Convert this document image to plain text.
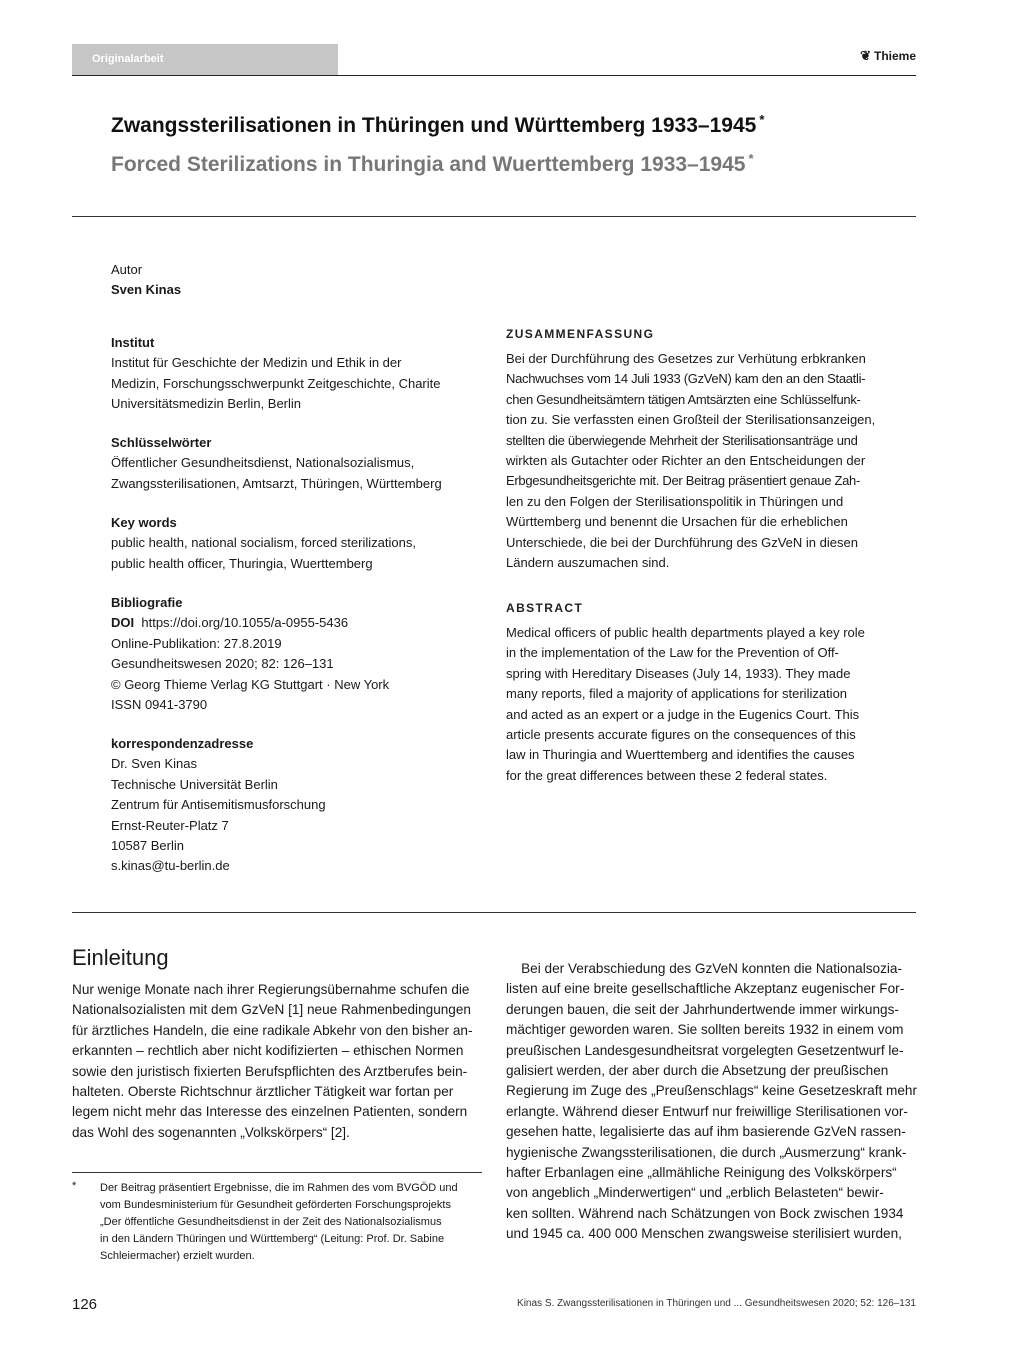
Originalarbeit	❦ Thieme
Zwangssterilisationen in Thüringen und Württemberg 1933–1945 *
Forced Sterilizations in Thuringia and Wuerttemberg 1933–1945 *
Autor
Sven Kinas
Institut
Institut für Geschichte der Medizin und Ethik in der
Medizin, Forschungsschwerpunkt Zeitgeschichte, Charite
Universitätsmedizin Berlin, Berlin
Schlüsselwörter
Öffentlicher Gesundheitsdienst, Nationalsozialismus,
Zwangssterilisationen, Amtsarzt, Thüringen, Württemberg
Key words
public health, national socialism, forced sterilizations,
public health officer, Thuringia, Wuerttemberg
Bibliografie
DOI https://doi.org/10.1055/a-0955-5436
Online-Publikation: 27.8.2019
Gesundheitswesen 2020; 82: 126–131
© Georg Thieme Verlag KG Stuttgart · New York
ISSN 0941-3790
korrespondenzadresse
Dr. Sven Kinas
Technische Universität Berlin
Zentrum für Antisemitismusforschung
Ernst-Reuter-Platz 7
10587 Berlin
s.kinas@tu-berlin.de
ZUSAMMENFASSUNG
Bei der Durchführung des Gesetzes zur Verhütung erbkranken
Nachwuchses vom 14 Juli 1933 (GzVeN) kam den an den Staatli-
chen Gesundheitsämtern tätigen Amtsärzten eine Schlüsselfunk-
tion zu. Sie verfassten einen Großteil der Sterilisationsanzeigen,
stellten die überwiegende Mehrheit der Sterilisationsanträge und
wirkten als Gutachter oder Richter an den Entscheidungen der
Erbgesundheitsgerichte mit. Der Beitrag präsentiert genaue Zah-
len zu den Folgen der Sterilisationspolitik in Thüringen und
Württemberg und benennt die Ursachen für die erheblichen
Unterschiede, die bei der Durchführung des GzVeN in diesen
Ländern auszumachen sind.
ABSTRACT
Medical officers of public health departments played a key role
in the implementation of the Law for the Prevention of Off-
spring with Hereditary Diseases (July 14, 1933). They made
many reports, filed a majority of applications for sterilization
and acted as an expert or a judge in the Eugenics Court. This
article presents accurate figures on the consequences of this
law in Thuringia and Wuerttemberg and identifies the causes
for the great differences between these 2 federal states.
Einleitung
Nur wenige Monate nach ihrer Regierungsübernahme schufen die
Nationalsozialisten mit dem GzVeN [1] neue Rahmenbedingungen
für ärztliches Handeln, die eine radikale Abkehr von den bisher an-
erkannten – rechtlich aber nicht kodifizierten – ethischen Normen
sowie den juristisch fixierten Berufspflichten des Arztberufes bein-
halteten. Oberste Richtschnur ärztlicher Tätigkeit war fortan per
legem nicht mehr das Interesse des einzelnen Patienten, sondern
das Wohl des sogenannten „Volkskörpers“ [2].
Bei der Verabschiedung des GzVeN konnten die Nationalsozia-
listen auf eine breite gesellschaftliche Akzeptanz eugenischer For-
derungen bauen, die seit der Jahrhundertwende immer wirkungs-
mächtiger geworden waren. Sie sollten bereits 1932 in einem vom
preußischen Landesgesundheitsrat vorgelegten Gesetzentwurf le-
galisiert werden, der aber durch die Absetzung der preußischen
Regierung im Zuge des „Preußenschlags“ keine Gesetzeskraft mehr
erlangte. Während dieser Entwurf nur freiwillige Sterilisationen vor-
gesehen hatte, legalisierte das auf ihm basierende GzVeN rassen-
hygienische Zwangssterilisationen, die durch „Ausmerzung“ krank-
hafter Erbanlagen eine „allmähliche Reinigung des Volkskörpers“
von angeblich „Minderwertigen“ und „erblich Belasteten“ bewir-
ken sollten. Während nach Schätzungen von Bock zwischen 1934
und 1945 ca. 400 000 Menschen zwangsweise sterilisiert wurden,
* Der Beitrag präsentiert Ergebnisse, die im Rahmen des vom BVGÖD und
vom Bundesministerium für Gesundheit geförderten Forschungsprojekts
„Der öffentliche Gesundheitsdienst in der Zeit des Nationalsozialismus
in den Ländern Thüringen und Württemberg“ (Leitung: Prof. Dr. Sabine
Schleiermacher) erzielt wurden.
126	Kinas S. Zwangssterilisationen in Thüringen und ... Gesundheitswesen 2020; 52: 126–131
